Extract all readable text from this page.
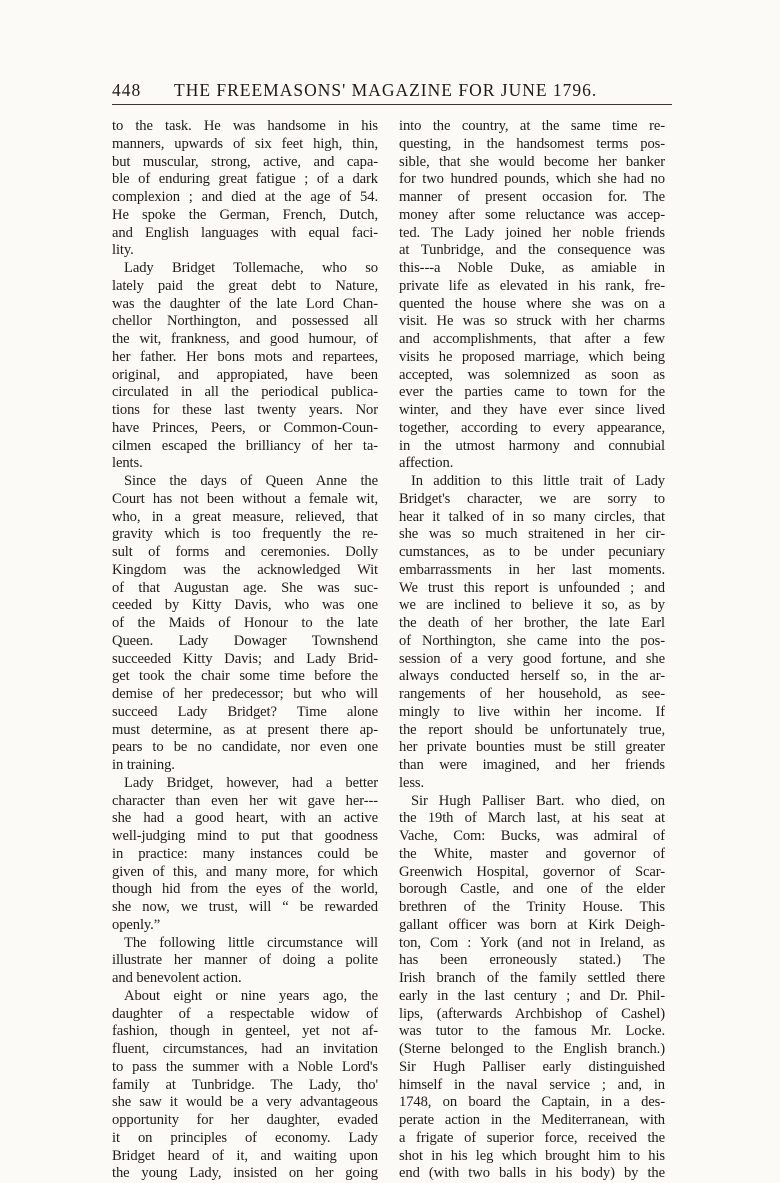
448 THE FREEMASONS' MAGAZINE FOR JUNE 1796.
to the task. He was handsome in his
manners, upwards of six feet high, thin,
but muscular, strong, active, and capa-
ble of enduring great fatigue ; of a dark
complexion ; and died at the age of 54.
He spoke the German, French, Dutch,
and English languages with equal faci-
lity.
Lady Bridget Tollemache, who so
lately paid the great debt to Nature,
was the daughter of the late Lord Chan-
chellor Northington, and possessed all
the wit, frankness, and good humour, of
her father. Her bons mots and repartees,
original, and appropiated, have been
circulated in all the periodical publica-
tions for these last twenty years. Nor
have Princes, Peers, or Common-Coun-
cilmen escaped the brilliancy of her ta-
lents.
Since the days of Queen Anne the
Court has not been without a female wit,
who, in a great measure, relieved, that
gravity which is too frequently the re-
sult of forms and ceremonies. Dolly
Kingdom was the acknowledged Wit
of that Augustan age. She was suc-
ceeded by Kitty Davis, who was one
of the Maids of Honour to the late
Queen. Lady Dowager Townshend
succeeded Kitty Davis; and Lady Brid-
get took the chair some time before the
demise of her predecessor; but who will
succeed Lady Bridget? Time alone
must determine, as at present there ap-
pears to be no candidate, nor even one
in training.
Lady Bridget, however, had a better
character than even her wit gave her---
she had a good heart, with an active
well-judging mind to put that goodness
in practice: many instances could be
given of this, and many more, for which
though hid from the eyes of the world,
she now, we trust, will “ be rewarded
openly.”
The following little circumstance will
illustrate her manner of doing a polite
and benevolent action.
About eight or nine years ago, the
daughter of a respectable widow of
fashion, though in genteel, yet not af-
fluent, circumstances, had an invitation
to pass the summer with a Noble Lord's
family at Tunbridge. The Lady, tho'
she saw it would be a very advantageous
opportunity for her daughter, evaded
it on principles of economy. Lady
Bridget heard of it, and waiting upon
the young Lady, insisted on her going
into the country, at the same time re-
questing, in the handsomest terms pos-
sible, that she would become her banker
for two hundred pounds, which she had no
manner of present occasion for. The
money after some reluctance was accep-
ted. The Lady joined her noble friends
at Tunbridge, and the consequence was
this---a Noble Duke, as amiable in
private life as elevated in his rank, fre-
quented the house where she was on a
visit. He was so struck with her charms
and accomplishments, that after a few
visits he proposed marriage, which being
accepted, was solemnized as soon as
ever the parties came to town for the
winter, and they have ever since lived
together, according to every appearance,
in the utmost harmony and connubial
affection.
In addition to this little trait of Lady
Bridget's character, we are sorry to
hear it talked of in so many circles, that
she was so much straitened in her cir-
cumstances, as to be under pecuniary
embarrassments in her last moments.
We trust this report is unfounded ; and
we are inclined to believe it so, as by
the death of her brother, the late Earl
of Northington, she came into the pos-
session of a very good fortune, and she
always conducted herself so, in the ar-
rangements of her household, as see-
mingly to live within her income. If
the report should be unfortunately true,
her private bounties must be still greater
than were imagined, and her friends
less.
Sir Hugh Palliser Bart. who died, on
the 19th of March last, at his seat at
Vache, Com: Bucks, was admiral of
the White, master and governor of
Greenwich Hospital, governor of Scar-
borough Castle, and one of the elder
brethren of the Trinity House. This
gallant officer was born at Kirk Deigh-
ton, Com : York (and not in Ireland, as
has been erroneously stated.) The
Irish branch of the family settled there
early in the last century ; and Dr. Phil-
lips, (afterwards Archbishop of Cashel)
was tutor to the famous Mr. Locke.
(Sterne belonged to the English branch.)
Sir Hugh Palliser early distinguished
himself in the naval service ; and, in
1748, on board the Captain, in a des-
perate action in the Mediterranean, with
a frigate of superior force, received the
shot in his leg which brought him to his
end (with two balls in his body) by the
